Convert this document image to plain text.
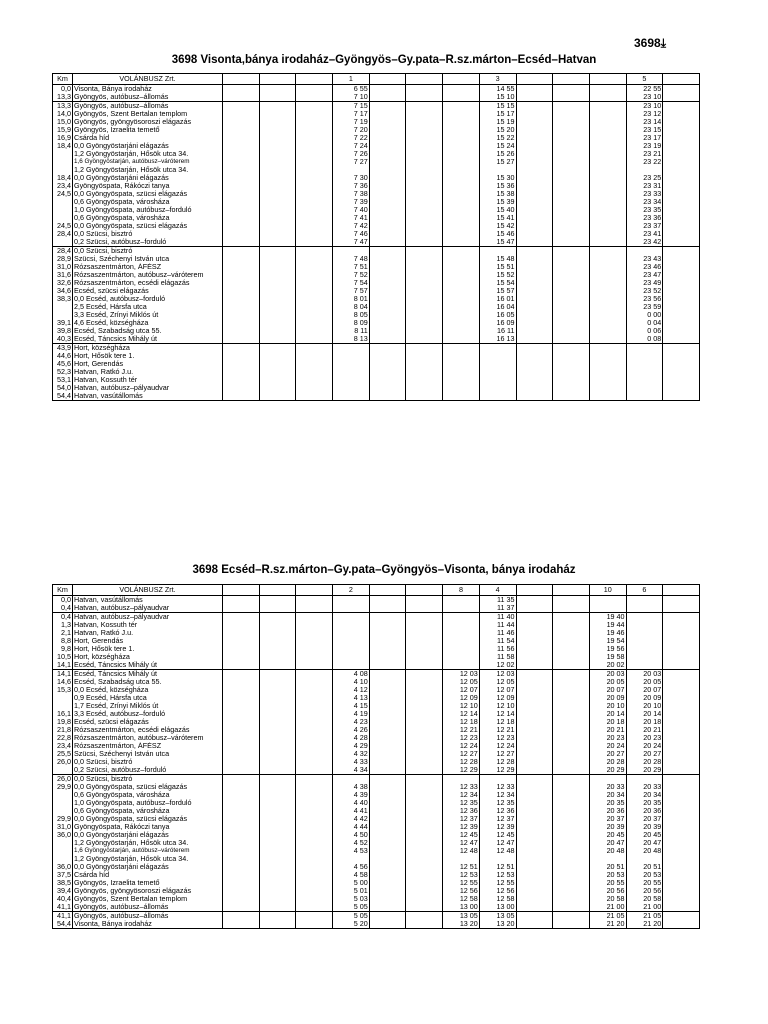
3698⤓
3698 Visonta,bánya irodaház–Gyöngyös–Gy.pata–R.sz.márton–Ecséd–Hatvan
Km	VOLÁNBUSZ Zrt.				1				3				5	
0,0	Visonta, Bánya irodaház				6 55				14 55				22 55	
13,3	Gyöngyös, autóbusz–állomás				7 10				15 10				23 10	
13,3	Gyöngyös, autóbusz–állomás				7 15				15 15				23 10	
14,0	Gyöngyös, Szent Bertalan templom				7 17				15 17				23 12	
15,0	Gyöngyös, gyöngyösoroszi elágazás				7 19				15 19				23 14	
15,9	Gyöngyös, Izraelita temető				7 20				15 20				23 15	
16,9	Csárda híd				7 22				15 22				23 17	
18,4	0,0 Gyöngyöstarjáni elágazás				7 24				15 24				23 19	
	1,2 Gyöngyöstarján, Hősök utca 34.				7 26				15 26				23 21	
	1,6 Gyöngyöstarján, autóbusz–váróterem				7 27				15 27				23 22	
	1,2 Gyöngyöstarján, Hősök utca 34.													
18,4	0,0 Gyöngyöstarjáni elágazás				7 30				15 30				23 25	
23,4	Gyöngyöspata, Rákóczi tanya				7 36				15 36				23 31	
24,5	0,0 Gyöngyöspata, szücsi elágazás				7 38				15 38				23 33	
	0,6 Gyöngyöspata, városháza				7 39				15 39				23 34	
	1,0 Gyöngyöspata, autóbusz–forduló				7 40				15 40				23 35	
	0,6 Gyöngyöspata, városháza				7 41				15 41				23 36	
24,5	0,0 Gyöngyöspata, szücsi elágazás				7 42				15 42				23 37	
28,4	0,0 Szücsi, bisztró				7 46				15 46				23 41	
	0,2 Szücsi, autóbusz–forduló				7 47				15 47				23 42	
28,4	0,0 Szücsi, bisztró													
28,9	Szücsi, Széchenyi István utca				7 48				15 48				23 43	
31,0	Rózsaszentmárton, ÁFÉSZ				7 51				15 51				23 46	
31,6	Rózsaszentmárton, autóbusz–váróterem				7 52				15 52				23 47	
32,6	Rózsaszentmárton, ecsédi elágazás				7 54				15 54				23 49	
34,6	Ecséd, szücsi elágazás				7 57				15 57				23 52	
38,3	0,0 Ecséd, autóbusz–forduló				8 01				16 01				23 56	
	2,5 Ecséd, Hársfa utca				8 04				16 04				23 59	
	3,3 Ecséd, Zrínyi Miklós út				8 05				16 05				0 00	
39,1	4,6 Ecséd, községháza				8 09				16 09				0 04	
39,8	Ecséd, Szabadság utca 55.				8 11				16 11				0 06	
40,3	Ecséd, Táncsics Mihály út				8 13				16 13				0 08	
43,9	Hort, községháza													
44,6	Hort, Hősök tere 1.													
45,6	Hort, Gerendás													
52,3	Hatvan, Ratkó J.u.													
53,1	Hatvan, Kossuth tér													
54,0	Hatvan, autóbusz–pályaudvar													
54,4	Hatvan, vasútállomás													
3698 Ecséd–R.sz.márton–Gy.pata–Gyöngyös–Visonta, bánya irodaház
Km	VOLÁNBUSZ Zrt.				2			8	4			10	6	
0,0	Hatvan, vasútállomás								11 35					
0,4	Hatvan, autóbusz–pályaudvar								11 37					
0,4	Hatvan, autóbusz–pályaudvar								11 40			19 40		
1,3	Hatvan, Kossuth tér								11 44			19 44		
2,1	Hatvan, Ratkó J.u.								11 46			19 46		
8,8	Hort, Gerendás								11 54			19 54		
9,8	Hort, Hősök tere 1.								11 56			19 56		
10,5	Hort, községháza								11 58			19 58		
14,1	Ecséd, Táncsics Mihály út								12 02			20 02		
14,1	Ecséd, Táncsics Mihály út				4 08			12 03	12 03			20 03	20 03	
14,6	Ecséd, Szabadság utca 55.				4 10			12 05	12 05			20 05	20 05	
15,3	0,0 Ecséd, községháza				4 12			12 07	12 07			20 07	20 07	
	0,9 Ecséd, Hársfa utca				4 13			12 09	12 09			20 09	20 09	
	1,7 Ecséd, Zrínyi Miklós út				4 15			12 10	12 10			20 10	20 10	
16,1	3,3 Ecséd, autóbusz–forduló				4 19			12 14	12 14			20 14	20 14	
19,8	Ecséd, szücsi elágazás				4 23			12 18	12 18			20 18	20 18	
21,8	Rózsaszentmárton, ecsédi elágazás				4 26			12 21	12 21			20 21	20 21	
22,8	Rózsaszentmárton, autóbusz–váróterem				4 28			12 23	12 23			20 23	20 23	
23,4	Rózsaszentmárton, ÁFÉSZ				4 29			12 24	12 24			20 24	20 24	
25,5	Szücsi, Széchenyi István utca				4 32			12 27	12 27			20 27	20 27	
26,0	0,0 Szücsi, bisztró				4 33			12 28	12 28			20 28	20 28	
	0,2 Szücsi, autóbusz–forduló				4 34			12 29	12 29			20 29	20 29	
26,0	0,0 Szücsi, bisztró													
29,9	0,0 Gyöngyöspata, szücsi elágazás				4 38			12 33	12 33			20 33	20 33	
	0,6 Gyöngyöspata, városháza				4 39			12 34	12 34			20 34	20 34	
	1,0 Gyöngyöspata, autóbusz–forduló				4 40			12 35	12 35			20 35	20 35	
	0,6 Gyöngyöspata, városháza				4 41			12 36	12 36			20 36	20 36	
29,9	0,0 Gyöngyöspata, szücsi elágazás				4 42			12 37	12 37			20 37	20 37	
31,0	Gyöngyöspata, Rákóczi tanya				4 44			12 39	12 39			20 39	20 39	
36,0	0,0 Gyöngyöstarjáni elágazás				4 50			12 45	12 45			20 45	20 45	
	1,2 Gyöngyöstarján, Hősök utca 34.				4 52			12 47	12 47			20 47	20 47	
	1,6 Gyöngyöstarján, autóbusz–váróterem				4 53			12 48	12 48			20 48	20 48	
	1,2 Gyöngyöstarján, Hősök utca 34.													
36,0	0,0 Gyöngyöstarjáni elágazás				4 56			12 51	12 51			20 51	20 51	
37,5	Csárda híd				4 58			12 53	12 53			20 53	20 53	
38,5	Gyöngyös, Izraelita temető				5 00			12 55	12 55			20 55	20 55	
39,4	Gyöngyös, gyöngyösoroszi elágazás				5 01			12 56	12 56			20 56	20 56	
40,4	Gyöngyös, Szent Bertalan templom				5 03			12 58	12 58			20 58	20 58	
41,1	Gyöngyös, autóbusz–állomás				5 05			13 00	13 00			21 00	21 00	
41,1	Gyöngyös, autóbusz–állomás				5 05			13 05	13 05			21 05	21 05	
54,4	Visonta, Bánya irodaház				5 20			13 20	13 20			21 20	21 20	
